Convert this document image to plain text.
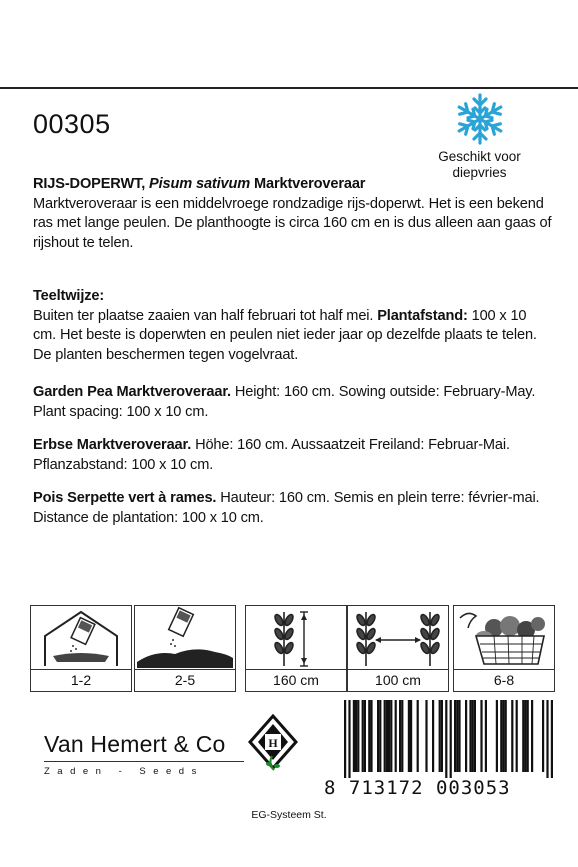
00305
Geschikt voor
diepvries

RIJS-DOPERWT, Pisum sativum Marktveroveraar

Marktveroveraar is een middelvroege rondzadige rijs-doperwt. Het is een bekend ras met lange peulen. De planthoogte is circa 160 cm en is dus alleen aan gaas of rijshout te telen.

Teeltwijze:

Buiten ter plaatse zaaien van half februari tot half mei. Plantafstand: 100 x 10 cm. Het beste is doperwten en peulen niet ieder jaar op dezelfde plaats te telen. De planten beschermen tegen vogelvraat.

Garden Pea Marktveroveraar. Height: 160 cm. Sowing outside: February-May. Plant spacing: 100 x 10 cm.

Erbse Marktveroveraar. Höhe: 160 cm. Aussaatzeit Freiland: Februar-Mai. Pflanzabstand: 100 x 10 cm.

Pois Serpette vert à rames. Hauteur: 160 cm. Semis en plein terre: février-mai. Distance de plantation: 100 x 10 cm.

1-2	2-5	160 cm	100 cm	6-8
Van Hemert & Co
Zaden - Seeds
H
8 713172 003053
EG-Systeem St.
